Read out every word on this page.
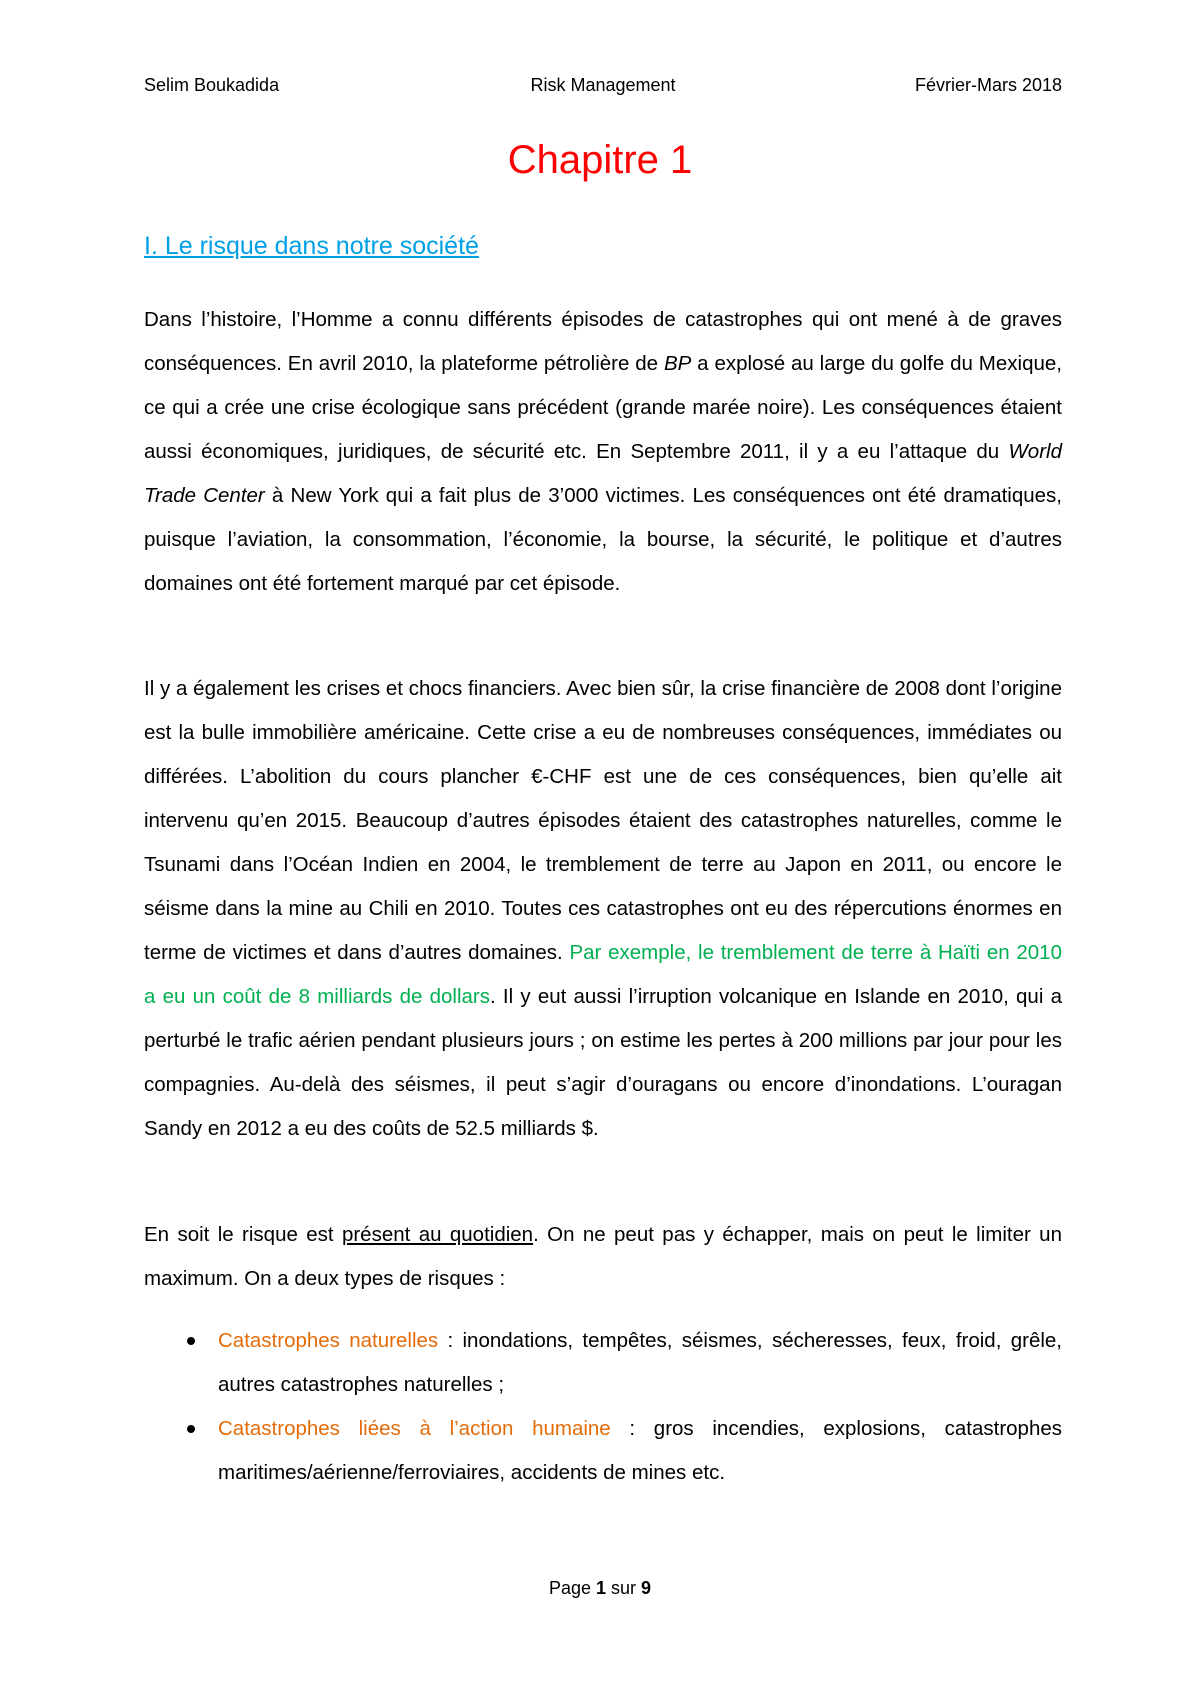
Selim Boukadida	Risk Management	Février-Mars 2018
Chapitre 1
I. Le risque dans notre société

Dans l’histoire, l’Homme a connu différents épisodes de catastrophes qui ont mené à de graves conséquences. En avril 2010, la plateforme pétrolière de BP a explosé au large du golfe du Mexique, ce qui a crée une crise écologique sans précédent (grande marée noire). Les conséquences étaient aussi économiques, juridiques, de sécurité etc. En Septembre 2011, il y a eu l’attaque du World Trade Center à New York qui a fait plus de 3’000 victimes. Les conséquences ont été dramatiques, puisque l’aviation, la consommation, l’économie, la bourse, la sécurité, le politique et d’autres domaines ont été fortement marqué par cet épisode.

Il y a également les crises et chocs financiers. Avec bien sûr, la crise financière de 2008 dont l’origine est la bulle immobilière américaine. Cette crise a eu de nombreuses conséquences, immédiates ou différées. L’abolition du cours plancher €-CHF est une de ces conséquences, bien qu’elle ait intervenu qu’en 2015. Beaucoup d’autres épisodes étaient des catastrophes naturelles, comme le Tsunami dans l’Océan Indien en 2004, le tremblement de terre au Japon en 2011, ou encore le séisme dans la mine au Chili en 2010. Toutes ces catastrophes ont eu des répercutions énormes en terme de victimes et dans d’autres domaines. Par exemple, le tremblement de terre à Haïti en 2010 a eu un coût de 8 milliards de dollars. Il y eut aussi l’irruption volcanique en Islande en 2010, qui a perturbé le trafic aérien pendant plusieurs jours ; on estime les pertes à 200 millions par jour pour les compagnies. Au-delà des séismes, il peut s’agir d’ouragans ou encore d’inondations. L’ouragan Sandy en 2012 a eu des coûts de 52.5 milliards $.

En soit le risque est présent au quotidien. On ne peut pas y échapper, mais on peut le limiter un maximum. On a deux types de risques :

Catastrophes naturelles : inondations, tempêtes, séismes, sécheresses, feux, froid, grêle, autres catastrophes naturelles ;
Catastrophes liées à l’action humaine : gros incendies, explosions, catastrophes maritimes/aérienne/ferroviaires, accidents de mines etc.
Page 1 sur 9
